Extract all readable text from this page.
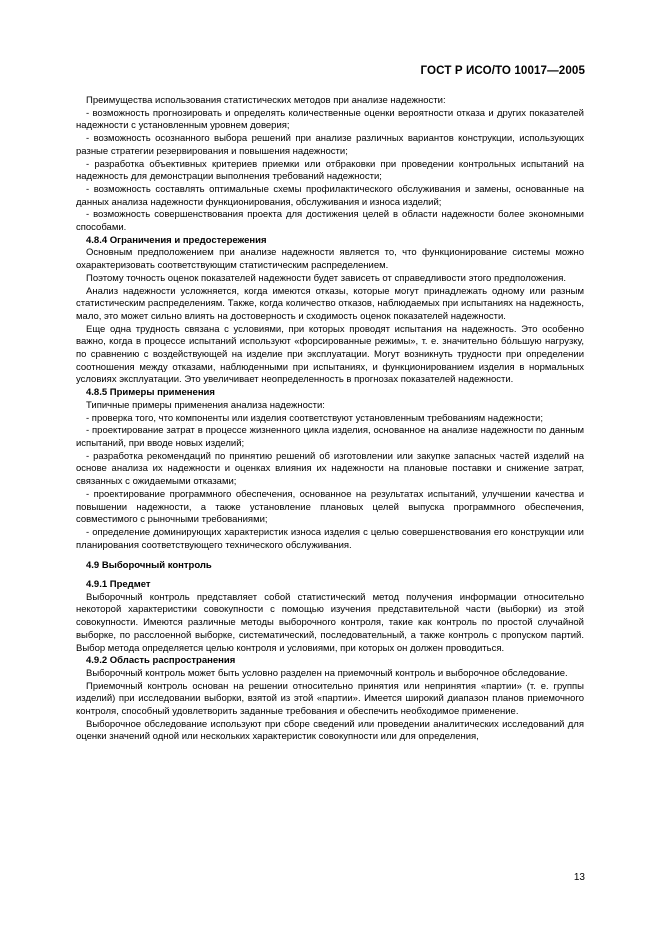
ГОСТ Р ИСО/ТО 10017—2005

Преимущества использования статистических методов при анализе надежности:

- возможность прогнозировать и определять количественные оценки вероятности отказа и других показателей надежности с установленным уровнем доверия;

- возможность осознанного выбора решений при анализе различных вариантов конструкции, использующих разные стратегии резервирования и повышения надежности;

- разработка объективных критериев приемки или отбраковки при проведении контрольных испытаний на надежность для демонстрации выполнения требований надежности;

- возможность составлять оптимальные схемы профилактического обслуживания и замены, основанные на данных анализа надежности функционирования, обслуживания и износа изделий;

- возможность совершенствования проекта для достижения целей в области надежности более экономными способами.

4.8.4 Ограничения и предостережения

Основным предположением при анализе надежности является то, что функционирование системы можно охарактеризовать соответствующим статистическим распределением.

Поэтому точность оценок показателей надежности будет зависеть от справедливости этого предположения.

Анализ надежности усложняется, когда имеются отказы, которые могут принадлежать одному или разным статистическим распределениям. Также, когда количество отказов, наблюдаемых при испытаниях на надежность, мало, это может сильно влиять на достоверность и сходимость оценок показателей надежности.

Еще одна трудность связана с условиями, при которых проводят испытания на надежность. Это особенно важно, когда в процессе испытаний используют «форсированные режимы», т. е. значительно бо́льшую нагрузку, по сравнению с воздействующей на изделие при эксплуатации. Могут возникнуть трудности при определении соотношения между отказами, наблюденными при испытаниях, и функционированием изделия в нормальных условиях эксплуатации. Это увеличивает неопределенность в прогнозах показателей надежности.

4.8.5 Примеры применения

Типичные примеры применения анализа надежности:

- проверка того, что компоненты или изделия соответствуют установленным требованиям надежности;

- проектирование затрат в процессе жизненного цикла изделия, основанное на анализе надежности по данным испытаний, при вводе новых изделий;

- разработка рекомендаций по принятию решений об изготовлении или закупке запасных частей изделий на основе анализа их надежности и оценках влияния их надежности на плановые поставки и снижение затрат, связанных с ожидаемыми отказами;

- проектирование программного обеспечения, основанное на результатах испытаний, улучшении качества и повышении надежности, а также установление плановых целей выпуска программного обеспечения, совместимого с рыночными требованиями;

- определение доминирующих характеристик износа изделия с целью совершенствования его конструкции или планирования соответствующего технического обслуживания.

4.9 Выборочный контроль
4.9.1 Предмет

Выборочный контроль представляет собой статистический метод получения информации относительно некоторой характеристики совокупности с помощью изучения представительной части (выборки) из этой совокупности. Имеются различные методы выборочного контроля, такие как контроль по простой случайной выборке, по расслоенной выборке, систематический, последовательный, а также контроль с пропуском партий. Выбор метода определяется целью контроля и условиями, при которых он должен проводиться.

4.9.2 Область распространения

Выборочный контроль может быть условно разделен на приемочный контроль и выборочное обследование.

Приемочный контроль основан на решении относительно принятия или непринятия «партии» (т. е. группы изделий) при исследовании выборки, взятой из этой «партии». Имеется широкий диапазон планов приемочного контроля, способный удовлетворить заданные требования и обеспечить необходимое применение.

Выборочное обследование используют при сборе сведений или проведении аналитических исследований для оценки значений одной или нескольких характеристик совокупности или для определения,

13
